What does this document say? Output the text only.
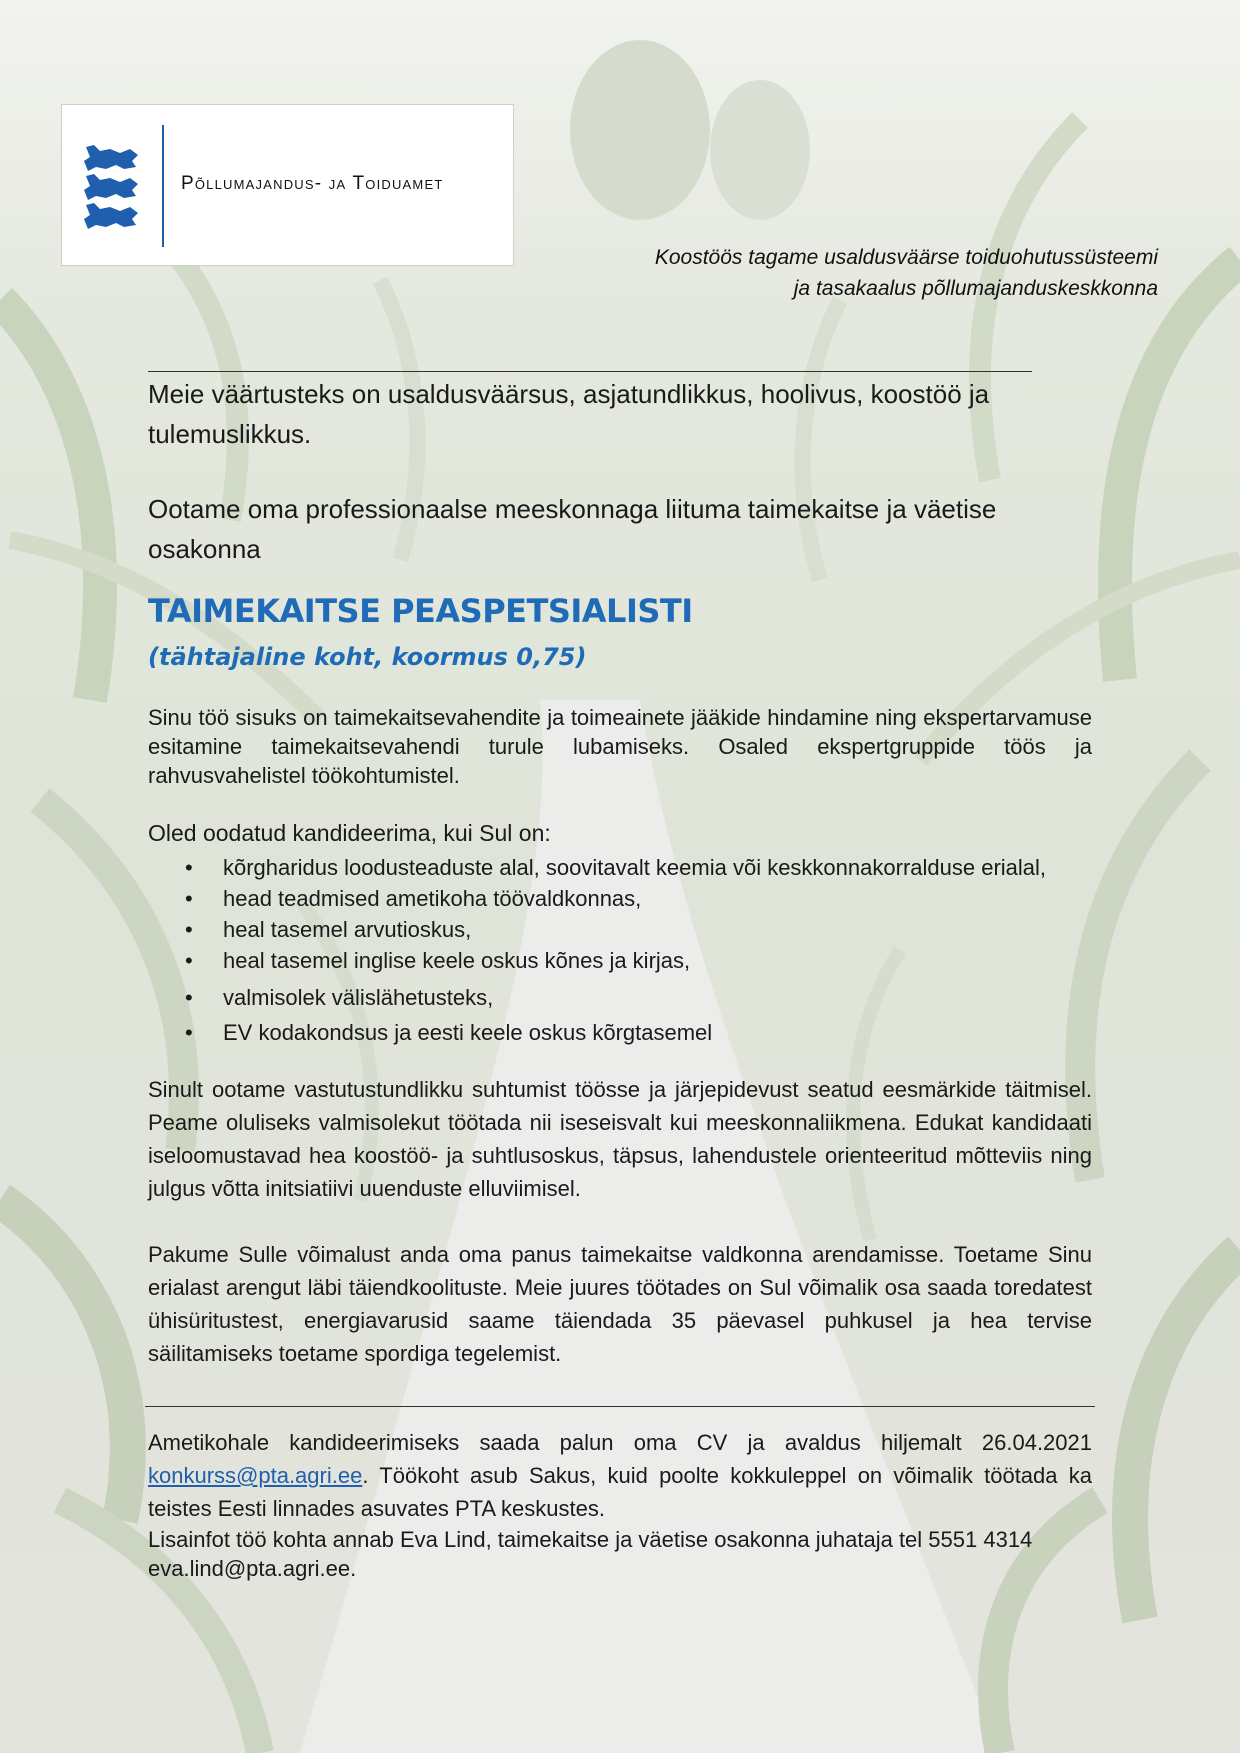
Põllumajandus- ja Toiduamet
Koostöös tagame usaldusväärse toiduohutussüsteemi
ja tasakaalus põllumajanduskeskkonna
Meie väärtusteks on usaldusväärsus, asjatundlikkus, hoolivus, koostöö ja tulemuslikkus.
Ootame oma professionaalse meeskonnaga liituma taimekaitse ja väetise osakonna
TAIMEKAITSE PEASPETSIALISTI
(tähtajaline koht, koormus 0,75)
Sinu töö sisuks on taimekaitsevahendite ja toimeainete jääkide hindamine ning ekspertarvamuse esitamine taimekaitsevahendi turule lubamiseks. Osaled ekspertgruppide töös ja rahvusvahelistel töökohtumistel.
Oled oodatud kandideerima, kui Sul on:
• kõrgharidus loodusteaduste alal, soovitavalt keemia või keskkonnakorralduse erialal,
• head teadmised ametikoha töövaldkonnas,
• heal tasemel arvutioskus,
• heal tasemel inglise keele oskus kõnes ja kirjas,
• valmisolek välislähetusteks,
• EV kodakondsus ja eesti keele oskus kõrgtasemel
Sinult ootame vastutustundlikku suhtumist töösse ja järjepidevust seatud eesmärkide täitmisel. Peame oluliseks valmisolekut töötada nii iseseisvalt kui meeskonnaliikmena. Edukat kandidaati iseloomustavad hea koostöö- ja suhtlusoskus, täpsus, lahendustele orienteeritud mõtteviis ning julgus võtta initsiatiivi uuenduste elluviimisel.
Pakume Sulle võimalust anda oma panus taimekaitse valdkonna arendamisse. Toetame Sinu erialast arengut läbi täiendkoolituste. Meie juures töötades on Sul võimalik osa saada toredatest ühisüritustest, energiavarusid saame täiendada 35 päevasel puhkusel ja hea tervise säilitamiseks toetame spordiga tegelemist.
Ametikohale kandideerimiseks saada palun oma CV ja avaldus hiljemalt 26.04.2021 konkurss@pta.agri.ee. Töökoht asub Sakus, kuid poolte kokkuleppel on võimalik töötada ka teistes Eesti linnades asuvates PTA keskustes.
Lisainfot töö kohta annab Eva Lind, taimekaitse ja väetise osakonna juhataja tel 5551 4314 eva.lind@pta.agri.ee.
